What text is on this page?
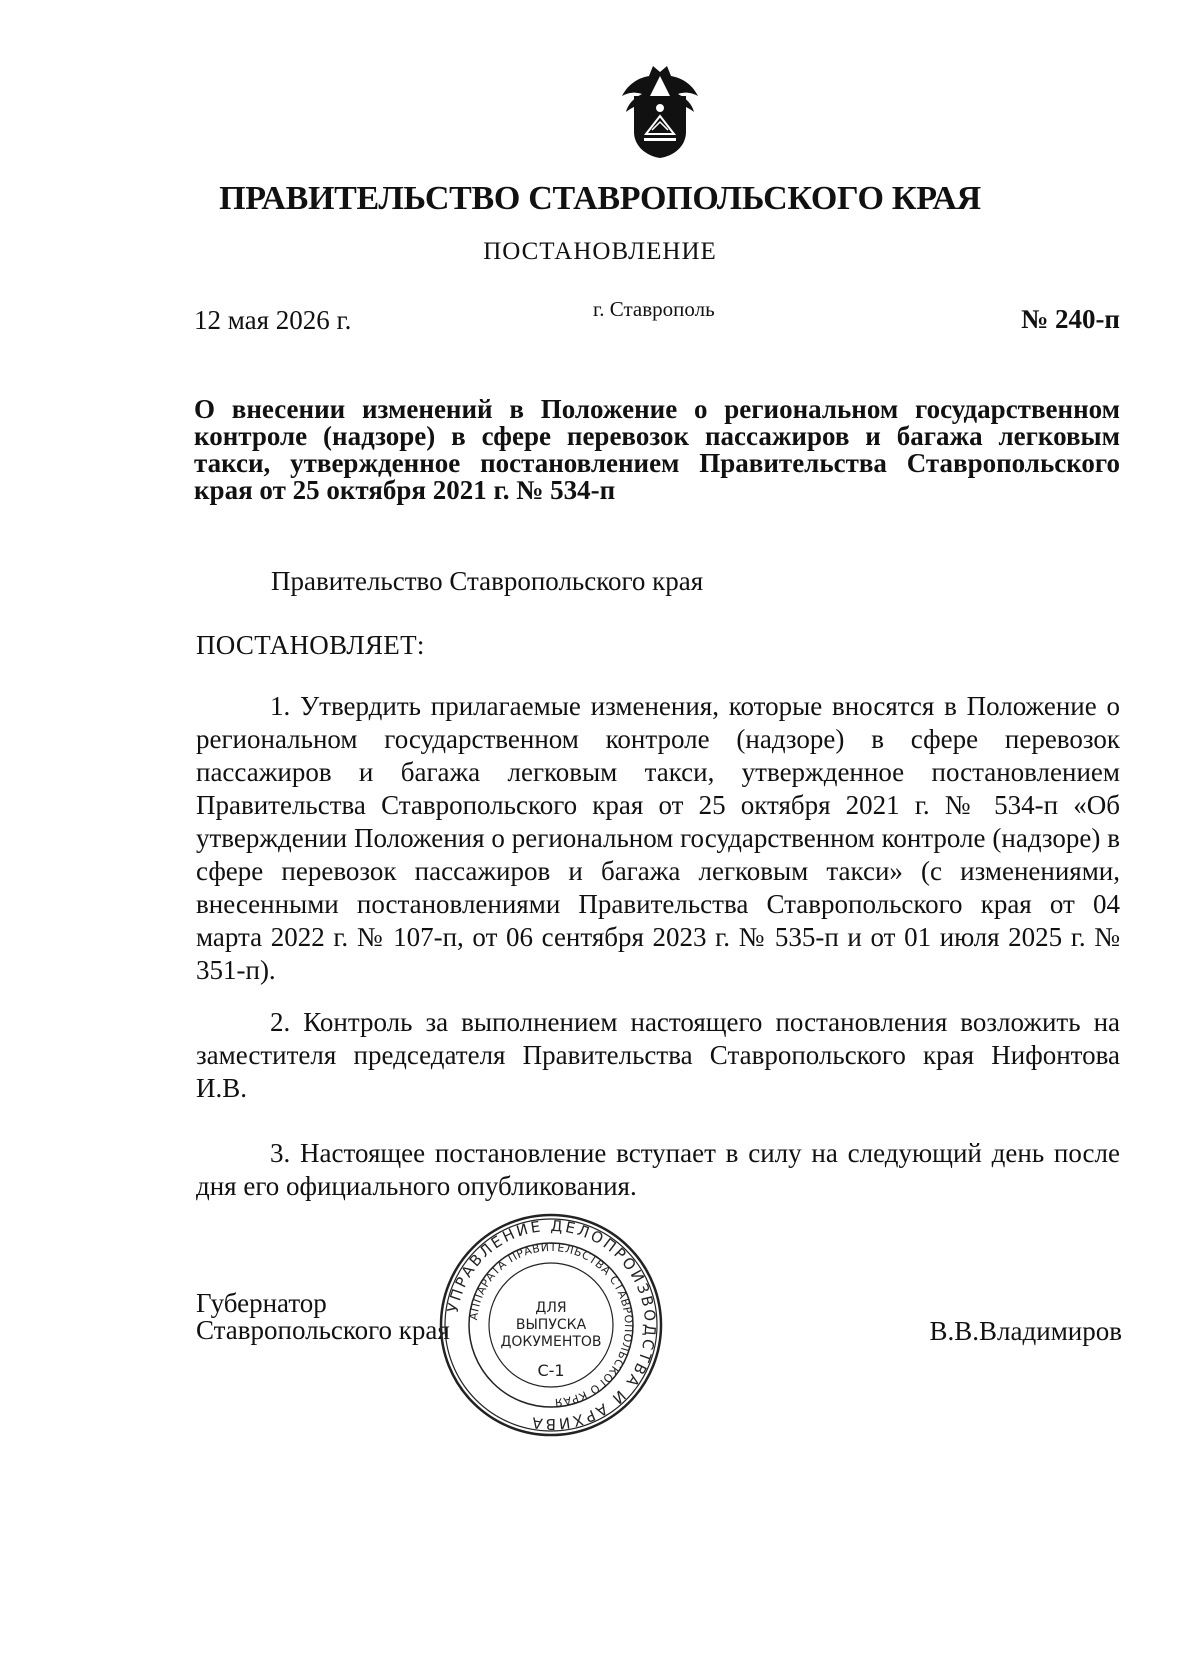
ПРАВИТЕЛЬСТВО СТАВРОПОЛЬСКОГО КРАЯ
ПОСТАНОВЛЕНИЕ
12 мая 2026 г.	г. Ставрополь	№ 240-п
О внесении изменений в Положение о региональном государственном контроле (надзоре) в сфере перевозок пассажиров и багажа легковым такси, утвержденное постановлением Правительства Ставропольского края от 25 октября 2021 г. № 534-п
Правительство Ставропольского края
ПОСТАНОВЛЯЕТ:
1. Утвердить прилагаемые изменения, которые вносятся в Положение о региональном государственном контроле (надзоре) в сфере перевозок пассажиров и багажа легковым такси, утвержденное постановлением Правительства Ставропольского края от 25 октября 2021 г. № 534-п «Об утверждении Положения о региональном государственном контроле (надзоре) в сфере перевозок пассажиров и багажа легковым такси» (с изменениями, внесенными постановлениями Правительства Ставропольского края от 04 марта 2022 г. № 107-п, от 06 сентября 2023 г. № 535-п и от 01 июля 2025 г. № 351-п).
2. Контроль за выполнением настоящего постановления возложить на заместителя председателя Правительства Ставропольского края Нифонтова И.В.
3. Настоящее постановление вступает в силу на следующий день после дня его официального опубликования.
Губернатор
Ставропольского края	В.В.Владимиров
УПРАВЛЕНИЕ ДЕЛОПРОИЗВОДСТВА И АРХИВА
АППАРАТА ПРАВИТЕЛЬСТВА СТАВРОПОЛЬСКОГО КРАЯ
ДЛЯ
ВЫПУСКА
ДОКУМЕНТОВ
С-1
